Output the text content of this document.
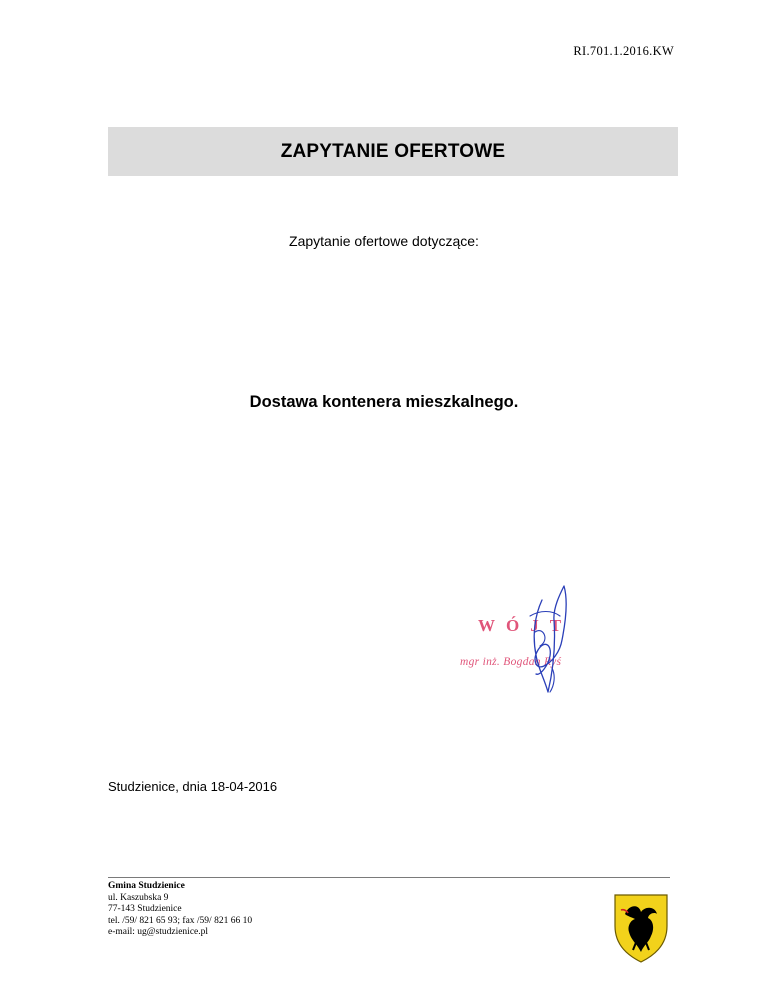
RI.701.1.2016.KW
ZAPYTANIE OFERTOWE
Zapytanie ofertowe dotyczące:
Dostawa kontenera mieszkalnego.
WÓJT
mgr inż. Bogdan Ryś
Studzienice, dnia 18-04-2016
Gmina Studzienice
ul. Kaszubska 9
77-143 Studzienice
tel. /59/ 821 65 93; fax /59/ 821 66 10
e-mail: ug@studzienice.pl
